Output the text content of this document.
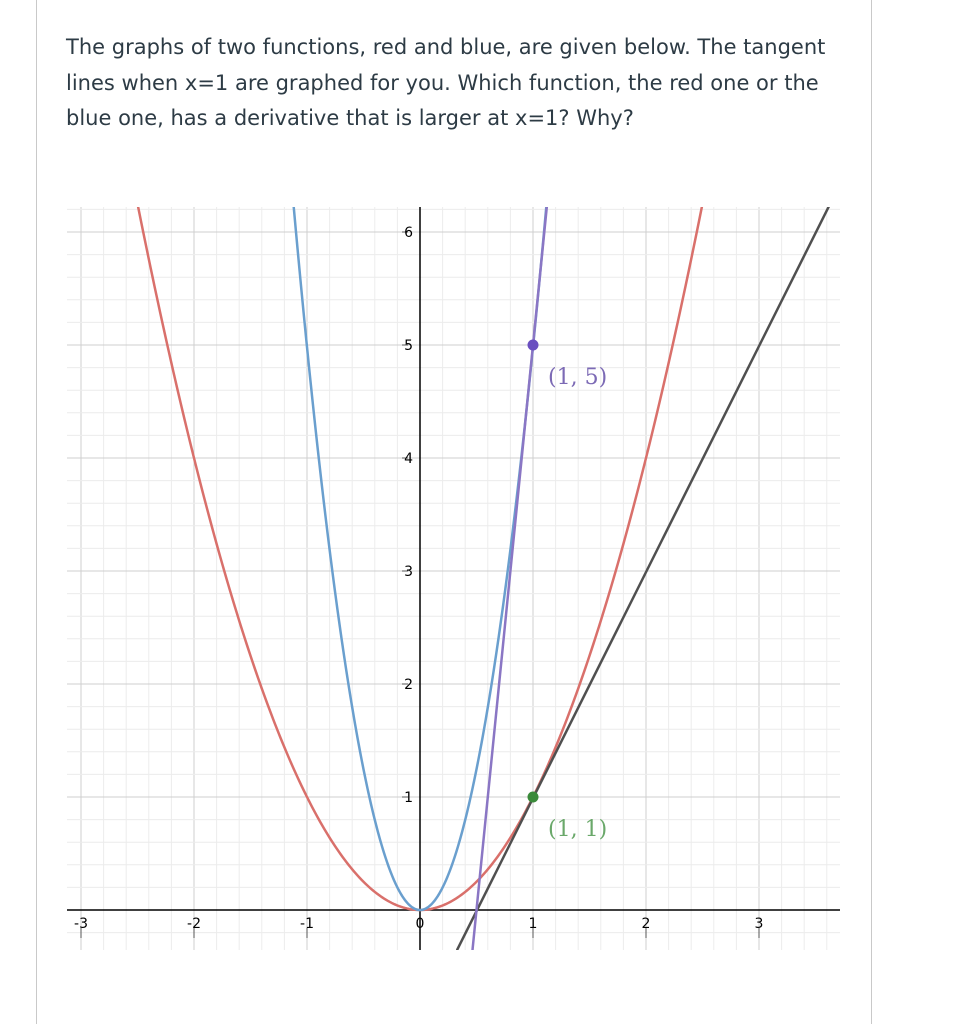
The graphs of two functions, red and blue, are given below. The tangent lines when x=1 are graphed for you. Which function, the red one or the blue one, has a derivative that is larger at x=1? Why?
-3	-2	-1	0	1	2	3
1
2
3
4
5
6
(1, 5)
(1, 1)
